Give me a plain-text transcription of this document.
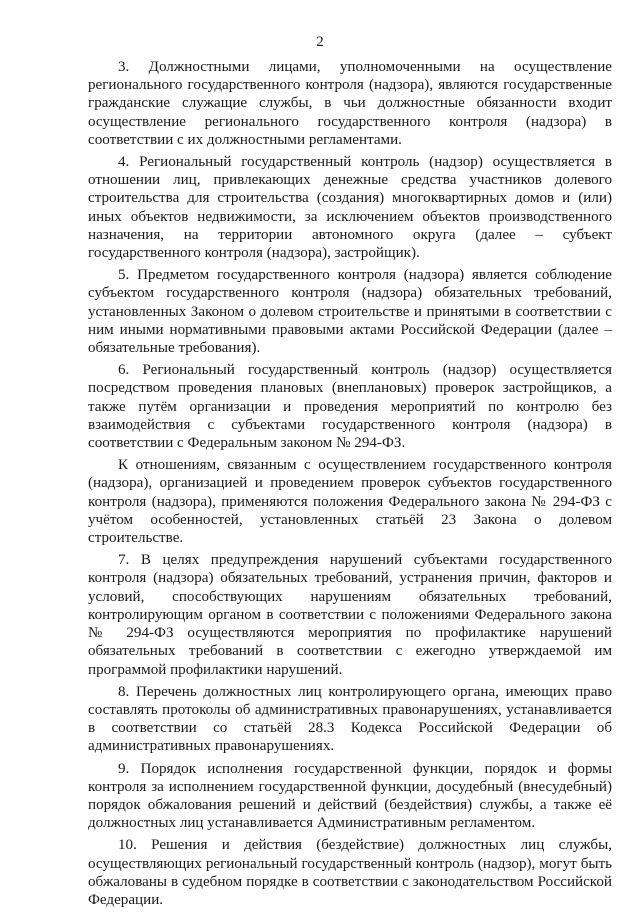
2

3. Должностными лицами, уполномоченными на осуществление регионального государственного контроля (надзора), являются государственные гражданские служащие службы, в чьи должностные обязанности входит осуществление регионального государственного контроля (надзора) в соответствии с их должностными регламентами.

4. Региональный государственный контроль (надзор) осуществляется в отношении лиц, привлекающих денежные средства участников долевого строительства для строительства (создания) многоквартирных домов и (или) иных объектов недвижимости, за исключением объектов производственного назначения, на территории автономного округа (далее – субъект государственного контроля (надзора), застройщик).

5. Предметом государственного контроля (надзора) является соблюдение субъектом государственного контроля (надзора) обязательных требований, установленных Законом о долевом строительстве и принятыми в соответствии с ним иными нормативными правовыми актами Российской Федерации (далее – обязательные требования).

6. Региональный государственный контроль (надзор) осуществляется посредством проведения плановых (внеплановых) проверок застройщиков, а также путём организации и проведения мероприятий по контролю без взаимодействия с субъектами государственного контроля (надзора) в соответствии с Федеральным законом № 294-ФЗ.

К отношениям, связанным с осуществлением государственного контроля (надзора), организацией и проведением проверок субъектов государственного контроля (надзора), применяются положения Федерального закона № 294-ФЗ с учётом особенностей, установленных статьёй 23 Закона о долевом строительстве.

7. В целях предупреждения нарушений субъектами государственного контроля (надзора) обязательных требований, устранения причин, факторов и условий, способствующих нарушениям обязательных требований, контролирующим органом в соответствии с положениями Федерального закона № 294-ФЗ осуществляются мероприятия по профилактике нарушений обязательных требований в соответствии с ежегодно утверждаемой им программой профилактики нарушений.

8. Перечень должностных лиц контролирующего органа, имеющих право составлять протоколы об административных правонарушениях, устанавливается в соответствии со статьёй 28.3 Кодекса Российской Федерации об административных правонарушениях.

9. Порядок исполнения государственной функции, порядок и формы контроля за исполнением государственной функции, досудебный (внесудебный) порядок обжалования решений и действий (бездействия) службы, а также её должностных лиц устанавливается Административным регламентом.

10. Решения и действия (бездействие) должностных лиц службы, осуществляющих региональный государственный контроль (надзор), могут быть обжалованы в судебном порядке в соответствии с законодательством Российской Федерации.
